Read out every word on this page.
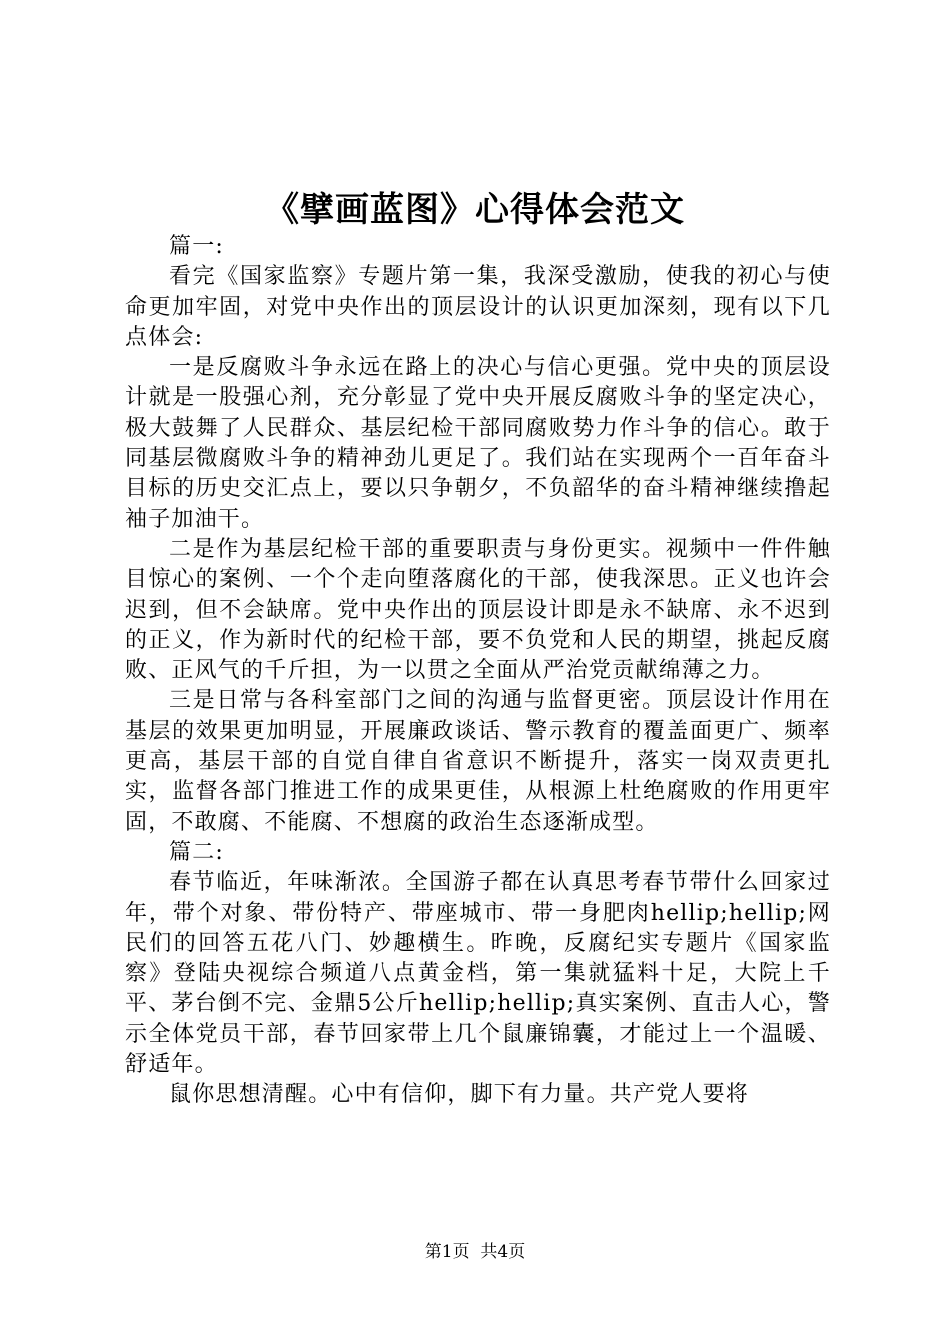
《擘画蓝图》心得体会范文

篇一:

看完《国家监察》专题片第一集，我深受激励，使我的初心与使命更加牢固，对党中央作出的顶层设计的认识更加深刻，现有以下几点体会:

一是反腐败斗争永远在路上的决心与信心更强。党中央的顶层设计就是一股强心剂，充分彰显了党中央开展反腐败斗争的坚定决心，极大鼓舞了人民群众、基层纪检干部同腐败势力作斗争的信心。敢于同基层微腐败斗争的精神劲儿更足了。我们站在实现两个一百年奋斗目标的历史交汇点上，要以只争朝夕，不负韶华的奋斗精神继续撸起袖子加油干。

二是作为基层纪检干部的重要职责与身份更实。视频中一件件触目惊心的案例、一个个走向堕落腐化的干部，使我深思。正义也许会迟到，但不会缺席。党中央作出的顶层设计即是永不缺席、永不迟到的正义，作为新时代的纪检干部，要不负党和人民的期望，挑起反腐败、正风气的千斤担，为一以贯之全面从严治党贡献绵薄之力。

三是日常与各科室部门之间的沟通与监督更密。顶层设计作用在基层的效果更加明显，开展廉政谈话、警示教育的覆盖面更广、频率更高，基层干部的自觉自律自省意识不断提升，落实一岗双责更扎实，监督各部门推进工作的成果更佳，从根源上杜绝腐败的作用更牢固，不敢腐、不能腐、不想腐的政治生态逐渐成型。

篇二:

春节临近，年味渐浓。全国游子都在认真思考春节带什么回家过年，带个对象、带份特产、带座城市、带一身肥肉hellip;hellip;网民们的回答五花八门、妙趣横生。昨晚，反腐纪实专题片《国家监察》登陆央视综合频道八点黄金档，第一集就猛料十足，大院上千平、茅台倒不完、金鼎5公斤hellip;hellip;真实案例、直击人心，警示全体党员干部，春节回家带上几个鼠廉锦囊，才能过上一个温暖、舒适年。

鼠你思想清醒。心中有信仰，脚下有力量。共产党人要将

第1页 共4页
